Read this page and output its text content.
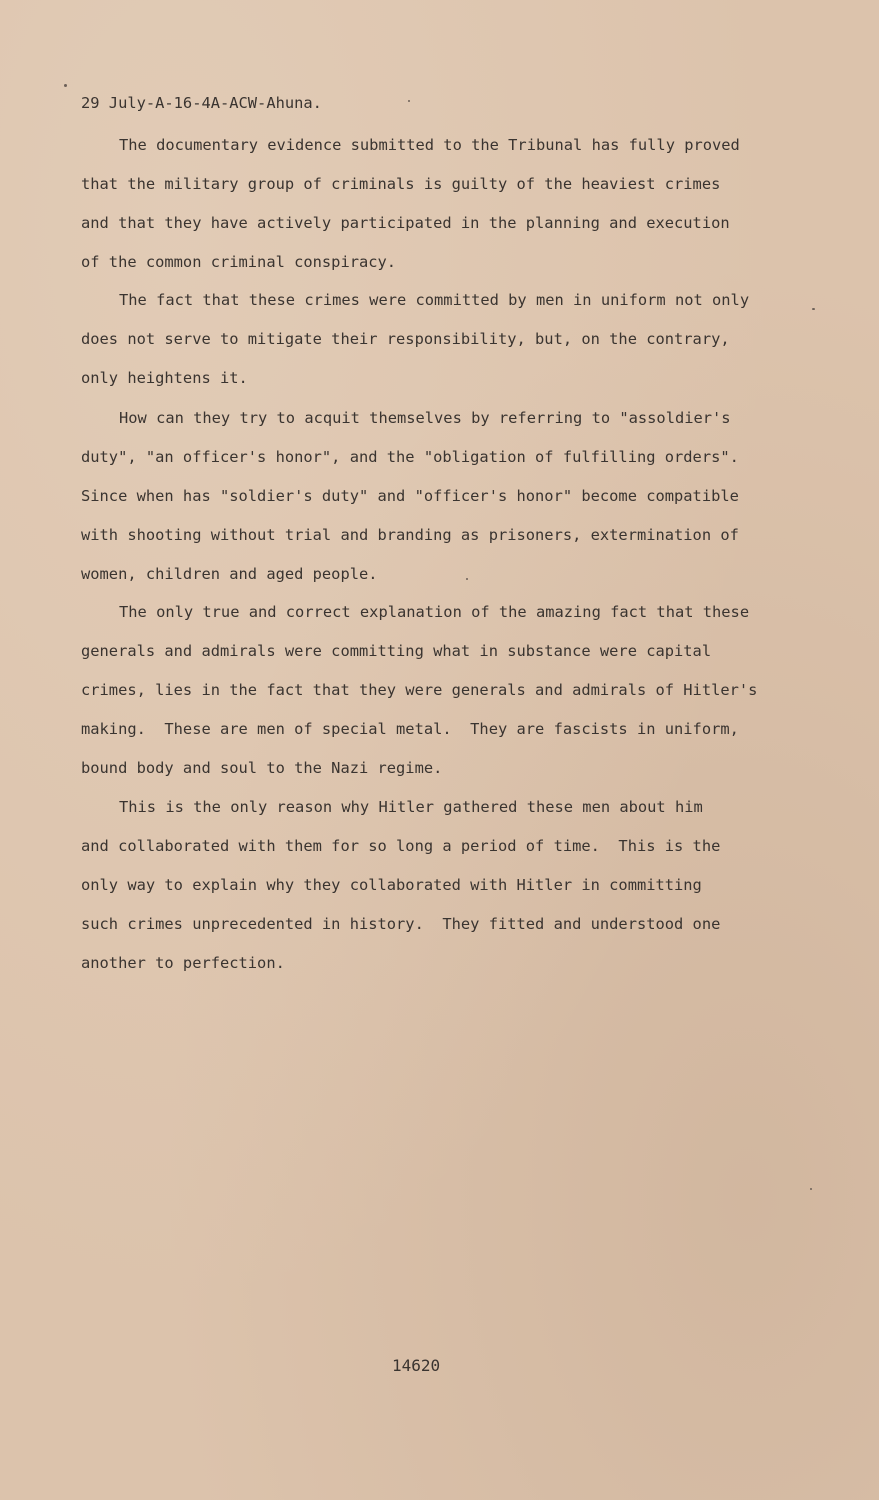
29 July-A-16-4A-ACW-Ahuna.
The documentary evidence submitted to the Tribunal has fully proved
that the military group of criminals is guilty of the heaviest crimes
and that they have actively participated in the planning and execution
of the common criminal conspiracy.
The fact that these crimes were committed by men in uniform not only
does not serve to mitigate their responsibility, but, on the contrary,
only heightens it.
How can they try to acquit themselves by referring to "assoldier's
duty", "an officer's honor", and the "obligation of fulfilling orders".
Since when has "soldier's duty" and "officer's honor" become compatible
with shooting without trial and branding as prisoners, extermination of
women, children and aged people.
The only true and correct explanation of the amazing fact that these
generals and admirals were committing what in substance were capital
crimes, lies in the fact that they were generals and admirals of Hitler's
making.  These are men of special metal.  They are fascists in uniform,
bound body and soul to the Nazi regime.
This is the only reason why Hitler gathered these men about him
and collaborated with them for so long a period of time.  This is the
only way to explain why they collaborated with Hitler in committing
such crimes unprecedented in history.  They fitted and understood one
another to perfection.
14620
